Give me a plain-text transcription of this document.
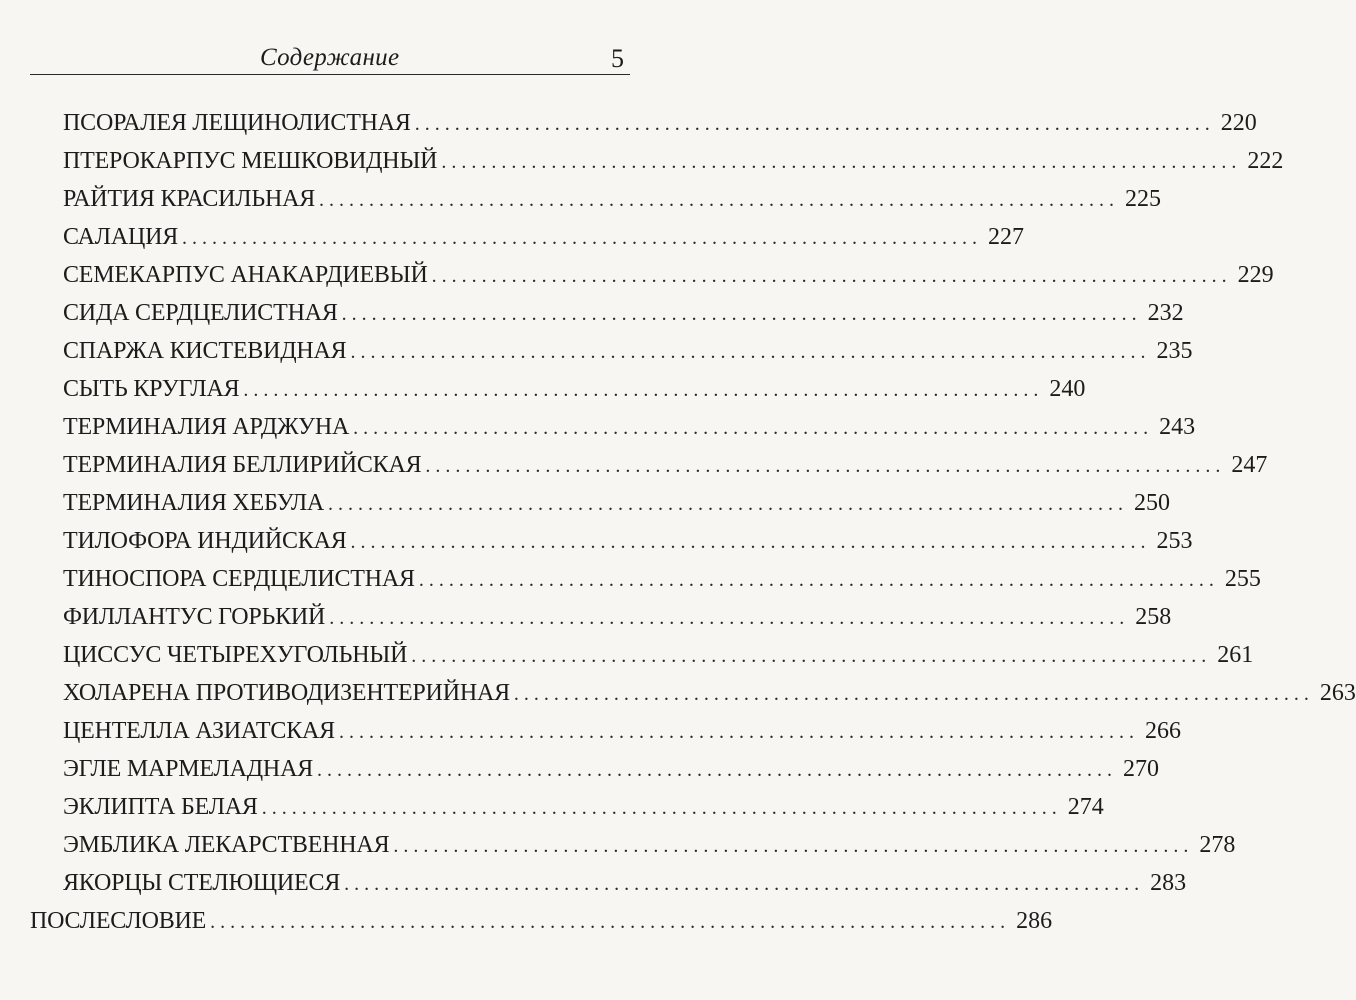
Содержание	5
ПСОРАЛЕЯ ЛЕЩИНОЛИСТНАЯ ................................................................................ 220
ПТЕРОКАРПУС МЕШКОВИДНЫЙ ................................................................................ 222
РАЙТИЯ КРАСИЛЬНАЯ ................................................................................ 225
САЛАЦИЯ ................................................................................ 227
СЕМЕКАРПУС АНАКАРДИЕВЫЙ ................................................................................ 229
СИДА СЕРДЦЕЛИСТНАЯ ................................................................................ 232
СПАРЖА КИСТЕВИДНАЯ ................................................................................ 235
СЫТЬ КРУГЛАЯ ................................................................................ 240
ТЕРМИНАЛИЯ АРДЖУНА ................................................................................ 243
ТЕРМИНАЛИЯ БЕЛЛИРИЙСКАЯ ................................................................................ 247
ТЕРМИНАЛИЯ ХЕБУЛА ................................................................................ 250
ТИЛОФОРА ИНДИЙСКАЯ ................................................................................ 253
ТИНОСПОРА СЕРДЦЕЛИСТНАЯ ................................................................................ 255
ФИЛЛАНТУС ГОРЬКИЙ ................................................................................ 258
ЦИССУС ЧЕТЫРЕХУГОЛЬНЫЙ ................................................................................ 261
ХОЛАРЕНА ПРОТИВОДИЗЕНТЕРИЙНАЯ ................................................................................ 263
ЦЕНТЕЛЛА АЗИАТСКАЯ ................................................................................ 266
ЭГЛЕ МАРМЕЛАДНАЯ ................................................................................ 270
ЭКЛИПТА БЕЛАЯ ................................................................................ 274
ЭМБЛИКА ЛЕКАРСТВЕННАЯ ................................................................................ 278
ЯКОРЦЫ СТЕЛЮЩИЕСЯ ................................................................................ 283
ПОСЛЕСЛОВИЕ ................................................................................ 286
